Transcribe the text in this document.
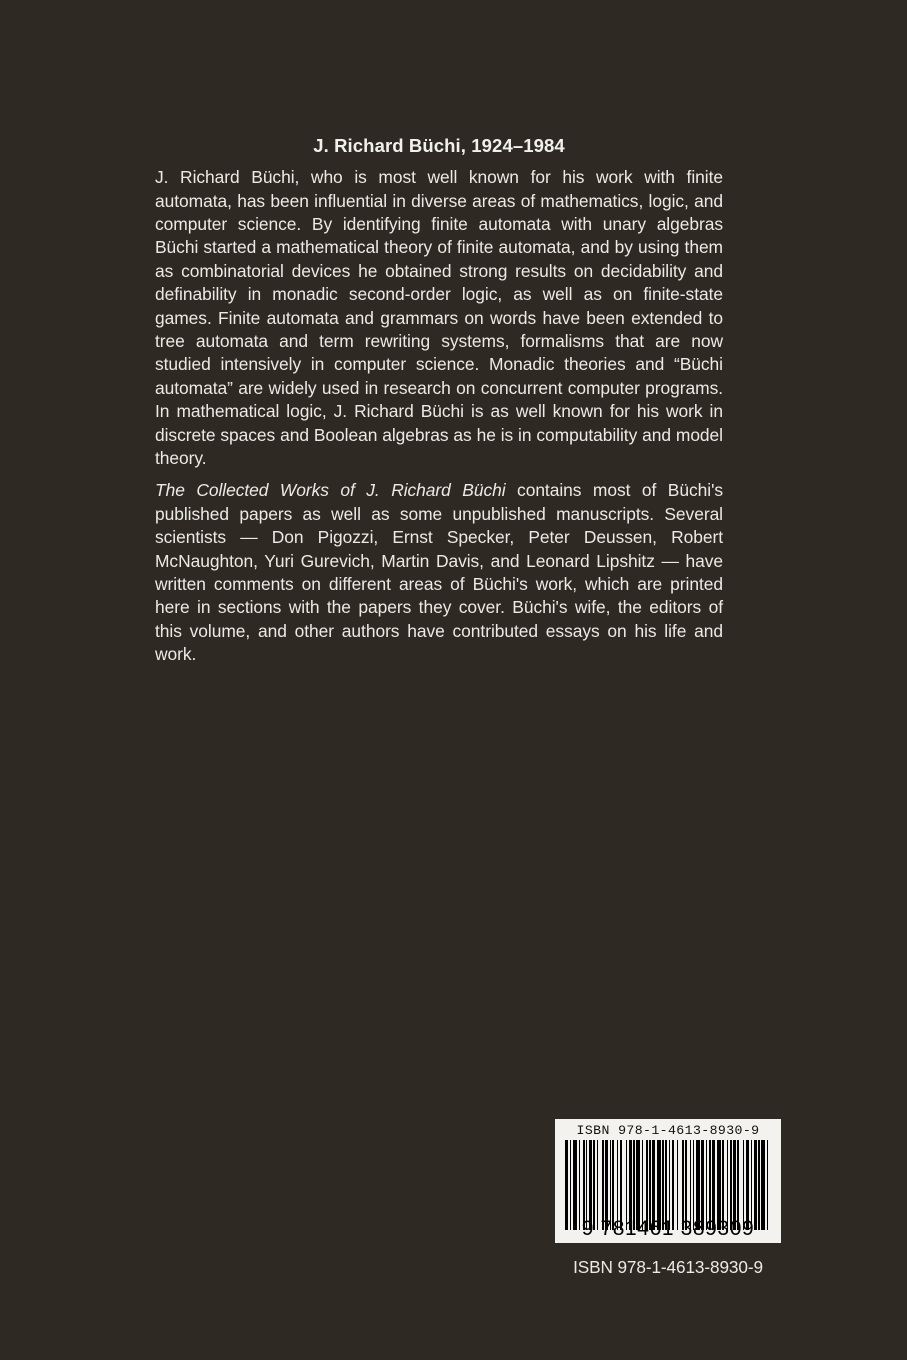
J. Richard Büchi, 1924–1984

J. Richard Büchi, who is most well known for his work with finite automata, has been influential in diverse areas of mathematics, logic, and computer science. By identifying finite automata with unary algebras Büchi started a mathematical theory of finite automata, and by using them as combinatorial devices he obtained strong results on decidability and definability in monadic second-order logic, as well as on finite-state games. Finite automata and grammars on words have been extended to tree automata and term rewriting systems, formalisms that are now studied intensively in computer science. Monadic theories and “Büchi automata” are widely used in research on concurrent computer programs. In mathematical logic, J. Richard Büchi is as well known for his work in discrete spaces and Boolean algebras as he is in computability and model theory.

The Collected Works of J. Richard Büchi contains most of Büchi's published papers as well as some unpublished manuscripts. Several scientists — Don Pigozzi, Ernst Specker, Peter Deussen, Robert McNaughton, Yuri Gurevich, Martin Davis, and Leonard Lipshitz — have written comments on different areas of Büchi's work, which are printed here in sections with the papers they cover. Büchi's wife, the editors of this volume, and other authors have contributed essays on his life and work.

ISBN 978-1-4613-8930-9
9 781461 389309
ISBN 978-1-4613-8930-9
